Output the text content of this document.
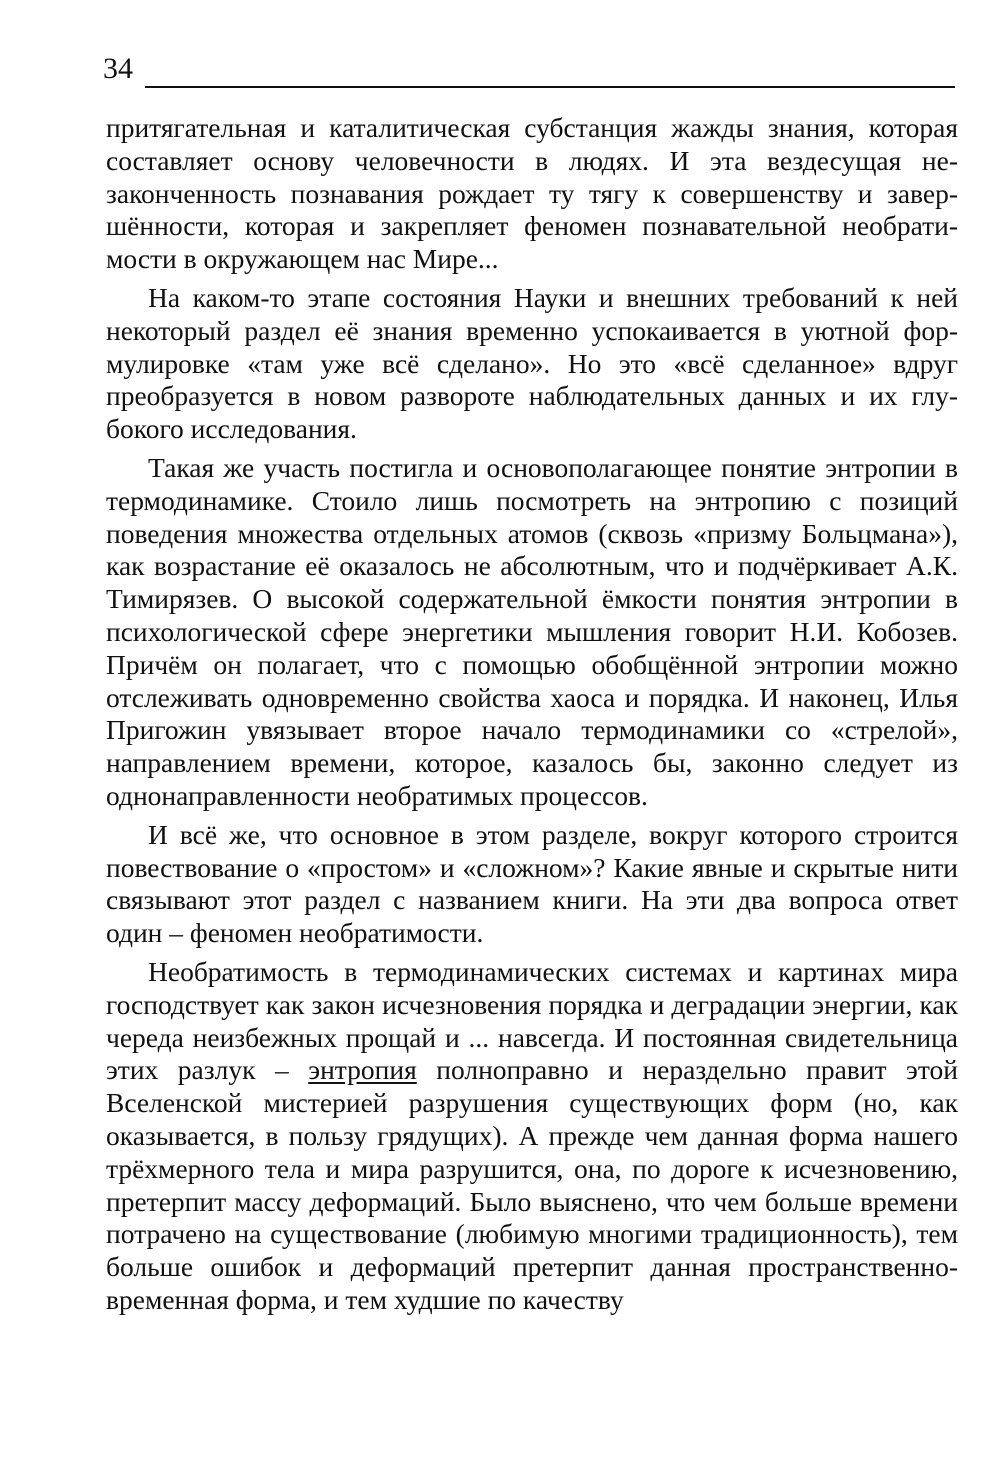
34

притягательная и каталитическая субстанция жажды знания, которая составляет основу человечности в людях. И эта вездесущая незаконченность познавания рождает ту тягу к совершенству и завершённости, которая и закрепляет феномен познавательной необратимости в окружающем нас Мире...

На каком-то этапе состояния Науки и внешних требований к ней некоторый раздел её знания временно успокаивается в уютной формулировке «там уже всё сделано». Но это «всё сделанное» вдруг преобразуется в новом развороте наблюдательных данных и их глубокого исследования.

Такая же участь постигла и основополагающее понятие энтропии в термодинамике. Стоило лишь посмотреть на энтропию с позиций поведения множества отдельных атомов (сквозь «призму Больцмана»), как возрастание её оказалось не абсолютным, что и подчёркивает А.К. Тимирязев. О высокой содержательной ёмкости понятия энтропии в психологической сфере энергетики мышления говорит Н.И. Кобозев. Причём он полагает, что с помощью обобщённой энтропии можно отслеживать одновременно свойства хаоса и порядка. И наконец, Илья Пригожин увязывает второе начало термодинамики со «стрелой», направлением времени, которое, казалось бы, законно следует из однонаправленности необратимых процессов.

И всё же, что основное в этом разделе, вокруг которого строится повествование о «простом» и «сложном»? Какие явные и скрытые нити связывают этот раздел с названием книги. На эти два вопроса ответ один – феномен необратимости.

Необратимость в термодинамических системах и картинах мира господствует как закон исчезновения порядка и деградации энергии, как череда неизбежных прощай и ... навсегда. И постоянная свидетельница этих разлук – энтропия полноправно и нераздельно правит этой Вселенской мистерией разрушения существующих форм (но, как оказывается, в пользу грядущих). А прежде чем данная форма нашего трёхмерного тела и мира разрушится, она, по дороге к исчезновению, претерпит массу деформаций. Было выяснено, что чем больше времени потрачено на существование (любимую многими традиционность), тем больше ошибок и деформаций претерпит данная пространственно-временная форма, и тем худшие по качеству
